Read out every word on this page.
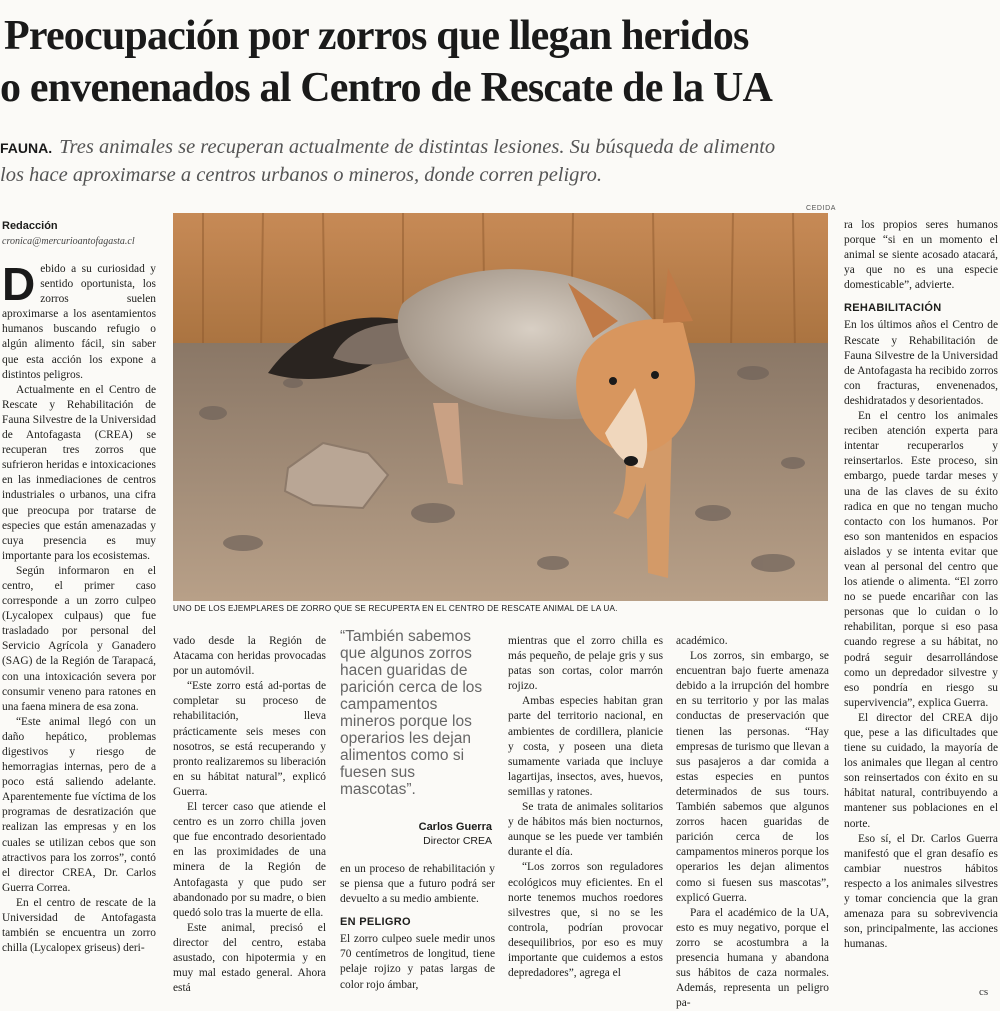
Preocupación por zorros que llegan heridos
o envenenados al Centro de Rescate de la UA
FAUNA. Tres animales se recuperan actualmente de distintas lesiones. Su búsqueda de alimento
los hace aproximarse a centros urbanos o mineros, donde corren peligro.
Redacción
cronica@mercurioantofagasta.cl

Debido a su curiosidad y sentido oportunista, los zorros suelen aproximarse a los asentamientos humanos buscando refugio o algún alimento fácil, sin saber que esta acción los expone a distintos peligros.

Actualmente en el Centro de Rescate y Rehabilitación de Fauna Silvestre de la Universidad de Antofagasta (CREA) se recuperan tres zorros que sufrieron heridas e intoxicaciones en las inmediaciones de centros industriales o urbanos, una cifra que preocupa por tratarse de especies que están amenazadas y cuya presencia es muy importante para los ecosistemas.

Según informaron en el centro, el primer caso corresponde a un zorro culpeo (Lycalopex culpaus) que fue trasladado por personal del Servicio Agrícola y Ganadero (SAG) de la Región de Tarapacá, con una intoxicación severa por consumir veneno para ratones en una faena minera de esa zona.

“Este animal llegó con un daño hepático, problemas digestivos y riesgo de hemorragias internas, pero de a poco está saliendo adelante. Aparentemente fue víctima de los programas de desratización que realizan las empresas y en los cuales se utilizan cebos que son atractivos para los zorros”, contó el director CREA, Dr. Carlos Guerra Correa.

En el centro de rescate de la Universidad de Antofagasta también se encuentra un zorro chilla (Lycalopex griseus) deri-

CEDIDA
UNO DE LOS EJEMPLARES DE ZORRO QUE SE RECUPERTA EN EL CENTRO DE RESCATE ANIMAL DE LA UA.

vado desde la Región de Atacama con heridas provocadas por un automóvil.

“Este zorro está ad-portas de completar su proceso de rehabilitación, lleva prácticamente seis meses con nosotros, se está recuperando y pronto realizaremos su liberación en su hábitat natural”, explicó Guerra.

El tercer caso que atiende el centro es un zorro chilla joven que fue encontrado desorientado en las proximidades de una minera de la Región de Antofagasta y que pudo ser abandonado por su madre, o bien quedó solo tras la muerte de ella.

Este animal, precisó el director del centro, estaba asustado, con hipotermia y en muy mal estado general. Ahora está

“También sabemos que algunos zorros hacen guaridas de parición cerca de los campamentos mineros porque los operarios les dejan alimentos como si fuesen sus mascotas”.
Carlos Guerra
Director CREA

en un proceso de rehabilitación y se piensa que a futuro podrá ser devuelto a su medio ambiente.

EN PELIGRO

El zorro culpeo suele medir unos 70 centímetros de longitud, tiene pelaje rojizo y patas largas de color rojo ámbar,

mientras que el zorro chilla es más pequeño, de pelaje gris y sus patas son cortas, color marrón rojizo.

Ambas especies habitan gran parte del territorio nacional, en ambientes de cordillera, planicie y costa, y poseen una dieta sumamente variada que incluye lagartijas, insectos, aves, huevos, semillas y ratones.

Se trata de animales solitarios y de hábitos más bien nocturnos, aunque se les puede ver también durante el día.

“Los zorros son reguladores ecológicos muy eficientes. En el norte tenemos muchos roedores silvestres que, si no se les controla, podrían provocar desequilibrios, por eso es muy importante que cuidemos a estos depredadores”, agrega el

académico.

Los zorros, sin embargo, se encuentran bajo fuerte amenaza debido a la irrupción del hombre en su territorio y por las malas conductas de preservación que tienen las personas. “Hay empresas de turismo que llevan a sus pasajeros a dar comida a estas especies en puntos determinados de sus tours. También sabemos que algunos zorros hacen guaridas de parición cerca de los campamentos mineros porque los operarios les dejan alimentos como si fuesen sus mascotas”, explicó Guerra.

Para el académico de la UA, esto es muy negativo, porque el zorro se acostumbra a la presencia humana y abandona sus hábitos de caza normales. Además, representa un peligro pa-

ra los propios seres humanos porque “si en un momento el animal se siente acosado atacará, ya que no es una especie domesticable”, advierte.

REHABILITACIÓN

En los últimos años el Centro de Rescate y Rehabilitación de Fauna Silvestre de la Universidad de Antofagasta ha recibido zorros con fracturas, envenenados, deshidratados y desorientados.

En el centro los animales reciben atención experta para intentar recuperarlos y reinsertarlos. Este proceso, sin embargo, puede tardar meses y una de las claves de su éxito radica en que no tengan mucho contacto con los humanos. Por eso son mantenidos en espacios aislados y se intenta evitar que vean al personal del centro que los atiende o alimenta. “El zorro no se puede encariñar con las personas que lo cuidan o lo rehabilitan, porque si eso pasa cuando regrese a su hábitat, no podrá seguir desarrollándose como un depredador silvestre y eso pondría en riesgo su supervivencia”, explica Guerra.

El director del CREA dijo que, pese a las dificultades que tiene su cuidado, la mayoría de los animales que llegan al centro son reinsertados con éxito en su hábitat natural, contribuyendo a mantener sus poblaciones en el norte.

Eso sí, el Dr. Carlos Guerra manifestó que el gran desafío es cambiar nuestros hábitos respecto a los animales silvestres y tomar conciencia que la gran amenaza para su sobrevivencia son, principalmente, las acciones humanas.

cs
